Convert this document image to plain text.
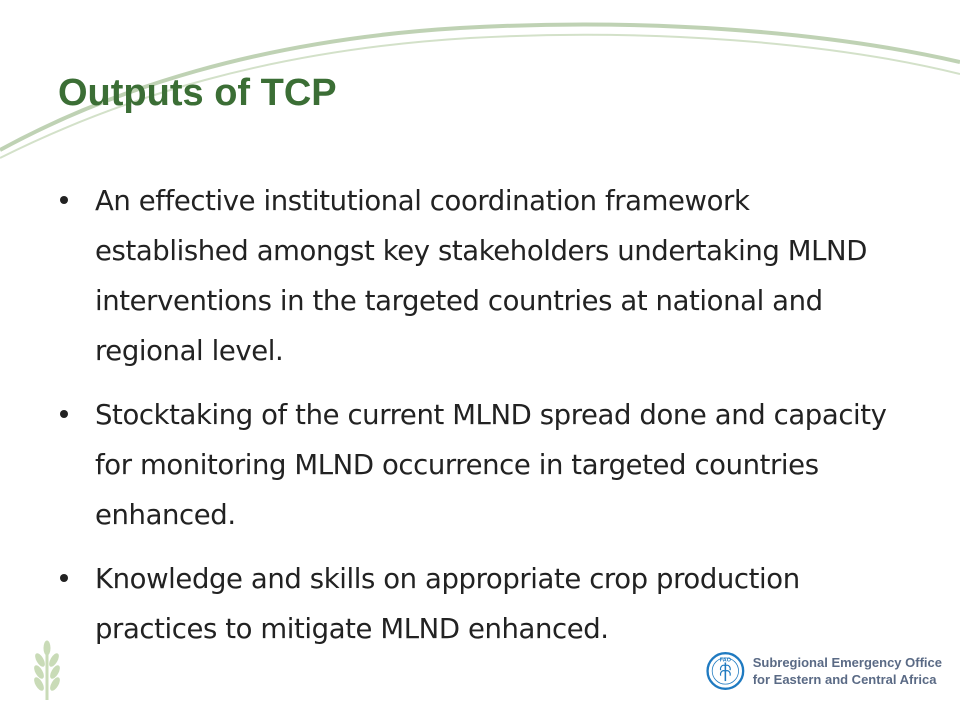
Outputs of TCP
An effective institutional coordination framework established amongst key stakeholders undertaking MLND interventions in the targeted countries at national and regional level.
Stocktaking of the current MLND spread done and capacity for monitoring MLND occurrence in targeted countries enhanced.
Knowledge and skills on appropriate crop production practices to mitigate MLND enhanced.
FAO Subregional Emergency Office
for Eastern and Central Africa
